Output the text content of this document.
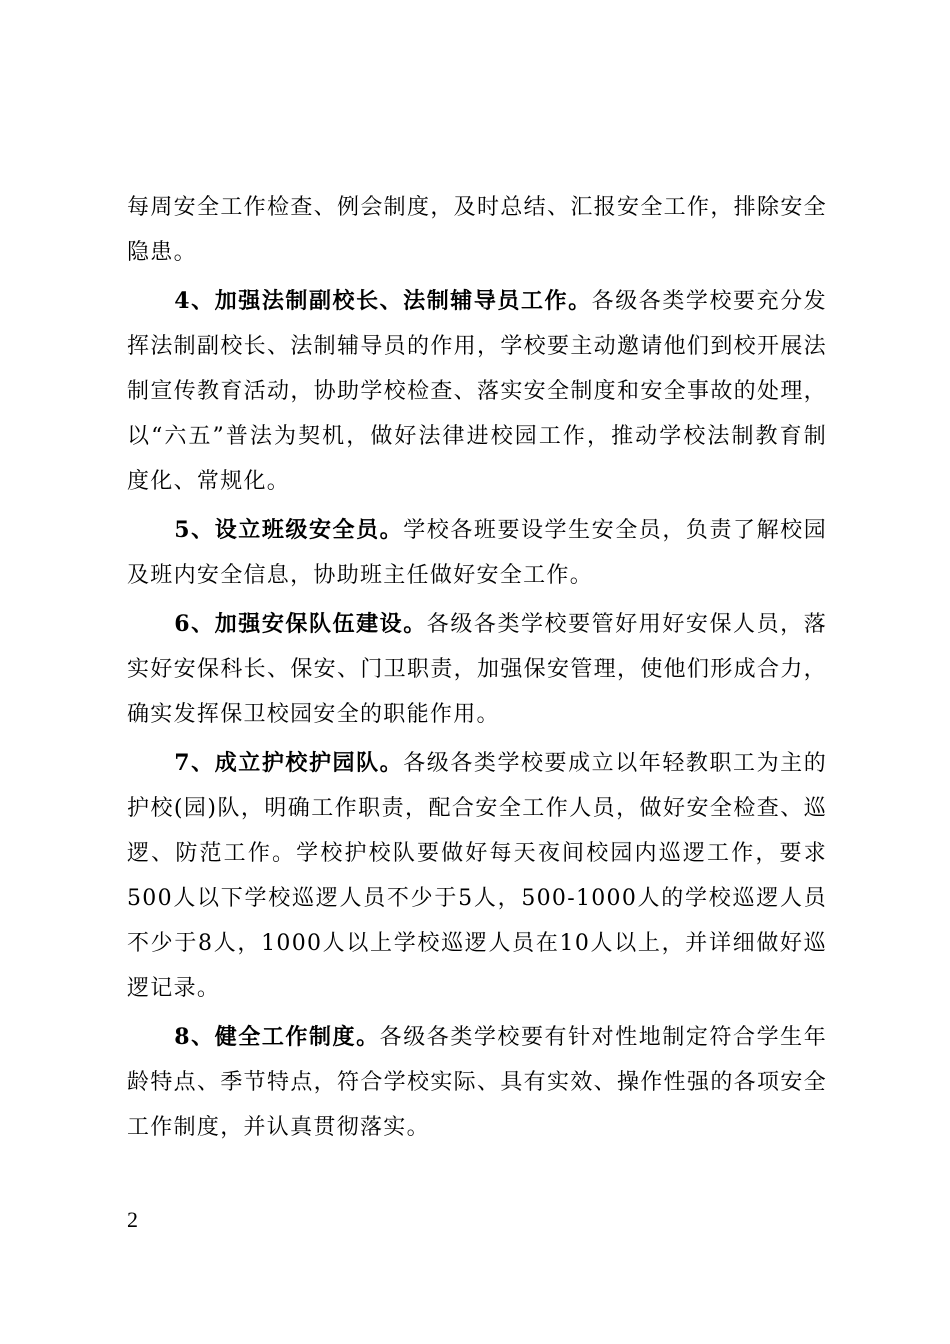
每周安全工作检查、例会制度，及时总结、汇报安全工作，排除安全隐患。

4、加强法制副校长、法制辅导员工作。各级各类学校要充分发挥法制副校长、法制辅导员的作用，学校要主动邀请他们到校开展法制宣传教育活动，协助学校检查、落实安全制度和安全事故的处理，以“六五”普法为契机，做好法律进校园工作，推动学校法制教育制度化、常规化。

5、设立班级安全员。学校各班要设学生安全员，负责了解校园及班内安全信息，协助班主任做好安全工作。

6、加强安保队伍建设。各级各类学校要管好用好安保人员，落实好安保科长、保安、门卫职责，加强保安管理，使他们形成合力，确实发挥保卫校园安全的职能作用。

7、成立护校护园队。各级各类学校要成立以年轻教职工为主的护校(园)队，明确工作职责，配合安全工作人员，做好安全检查、巡逻、防范工作。学校护校队要做好每天夜间校园内巡逻工作，要求500人以下学校巡逻人员不少于5人，500-1000人的学校巡逻人员不少于8人，1000人以上学校巡逻人员在10人以上，并详细做好巡逻记录。

8、健全工作制度。各级各类学校要有针对性地制定符合学生年龄特点、季节特点，符合学校实际、具有实效、操作性强的各项安全工作制度，并认真贯彻落实。

2
